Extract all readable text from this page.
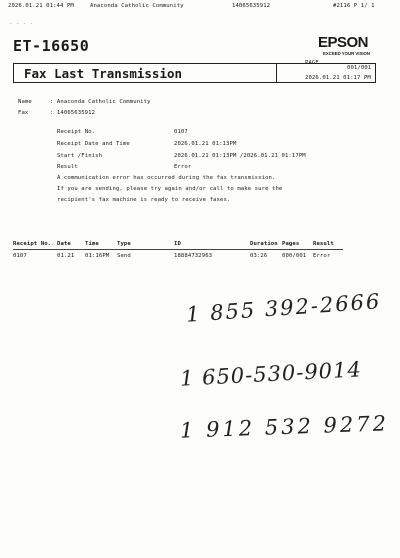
2026.01.21 01:44 PM	Anaconda Catholic Community	14065635912	#2116 P 1/ 1
- - - -
ET-16650	EPSON
EXCEED YOUR VISION
Fax Last Transmission
PAGE.
001/001
2026.01.21 01:17 PM
Name	: Anaconda Catholic Community
Fax	: 14065635912
Receipt No.	0107
Receipt Date and Time	2026.01.21 01:13PM
Start /Finish	2026.01.21 01:13PM /2026.01.21 01:17PM
Result	Error
A communication error has occurred during the fax transmission.
If you are sending, please try again and/or call to make sure the
recipient's fax machine is ready to receive faxes.
Receipt No. Date	Time	Type	ID	Duration Pages Result
0107	01.21 01:16PM Send	18884732963	03:26	000/001 Error
1 855 392-2666
1 650-530-9014
1 912 532 9272
